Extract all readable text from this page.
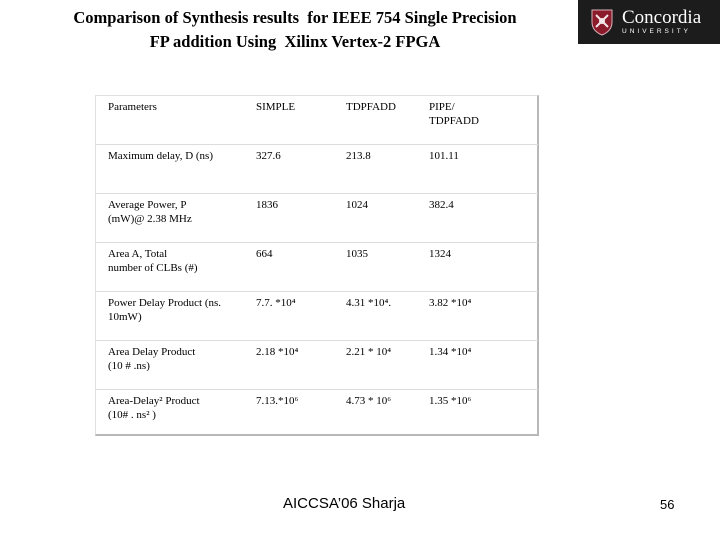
Comparison of Synthesis results  for IEEE 754 Single Precision
FP addition Using  Xilinx Vertex-2 FPGA
Concordia
UNIVERSITY
Parameters	SIMPLE	TDPFADD	PIPE/
TDPFADD
Maximum delay, D (ns)	327.6	213.8	101.11
Average Power, P
(mW)@ 2.38 MHz	1836	1024	382.4
Area A, Total
number of CLBs (#)	664	1035	1324
Power Delay Product (ns.
10mW)	7.7. *10⁴	4.31 *10⁴.	3.82 *10⁴
Area Delay Product
(10 # .ns)	2.18 *10⁴	2.21 * 10⁴	1.34 *10⁴
Area-Delay² Product
(10# . ns² )	7.13.*10⁶	4.73 * 10⁶	1.35 *10⁶
AICCSA’06 Sharja	56
